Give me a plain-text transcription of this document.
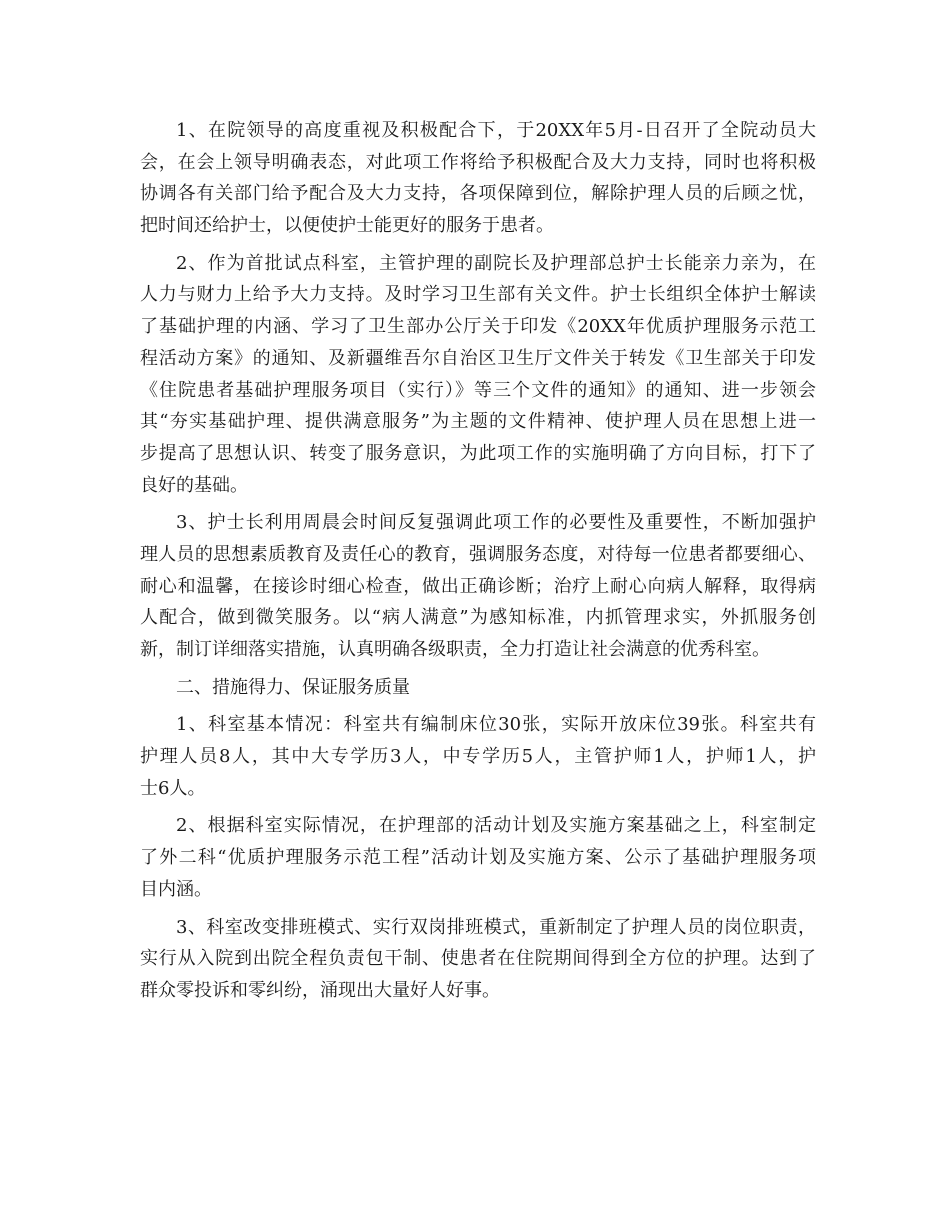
1、在院领导的高度重视及积极配合下，于20XX年5月-日召开了全院动员大
会，在会上领导明确表态，对此项工作将给予积极配合及大力支持，同时也将积极
协调各有关部门给予配合及大力支持，各项保障到位，解除护理人员的后顾之忧，
把时间还给护士，以便使护士能更好的服务于患者。
2、作为首批试点科室，主管护理的副院长及护理部总护士长能亲力亲为，在
人力与财力上给予大力支持。及时学习卫生部有关文件。护士长组织全体护士解读
了基础护理的内涵、学习了卫生部办公厅关于印发《20XX年优质护理服务示范工
程活动方案》的通知、及新疆维吾尔自治区卫生厅文件关于转发《卫生部关于印发
《住院患者基础护理服务项目（实行）》等三个文件的通知》的通知、进一步领会
其“夯实基础护理、提供满意服务”为主题的文件精神、使护理人员在思想上进一
步提高了思想认识、转变了服务意识，为此项工作的实施明确了方向目标，打下了
良好的基础。
3、护士长利用周晨会时间反复强调此项工作的必要性及重要性，不断加强护
理人员的思想素质教育及责任心的教育，强调服务态度，对待每一位患者都要细心、
耐心和温馨，在接诊时细心检查，做出正确诊断；治疗上耐心向病人解释，取得病
人配合，做到微笑服务。以“病人满意”为感知标准，内抓管理求实，外抓服务创
新，制订详细落实措施，认真明确各级职责，全力打造让社会满意的优秀科室。
二、措施得力、保证服务质量
1、科室基本情况：科室共有编制床位30张，实际开放床位39张。科室共有
护理人员8人，其中大专学历3人，中专学历5人，主管护师1人，护师1人，护
士6人。
2、根据科室实际情况，在护理部的活动计划及实施方案基础之上，科室制定
了外二科“优质护理服务示范工程”活动计划及实施方案、公示了基础护理服务项
目内涵。
3、科室改变排班模式、实行双岗排班模式，重新制定了护理人员的岗位职责，
实行从入院到出院全程负责包干制、使患者在住院期间得到全方位的护理。达到了
群众零投诉和零纠纷，涌现出大量好人好事。
